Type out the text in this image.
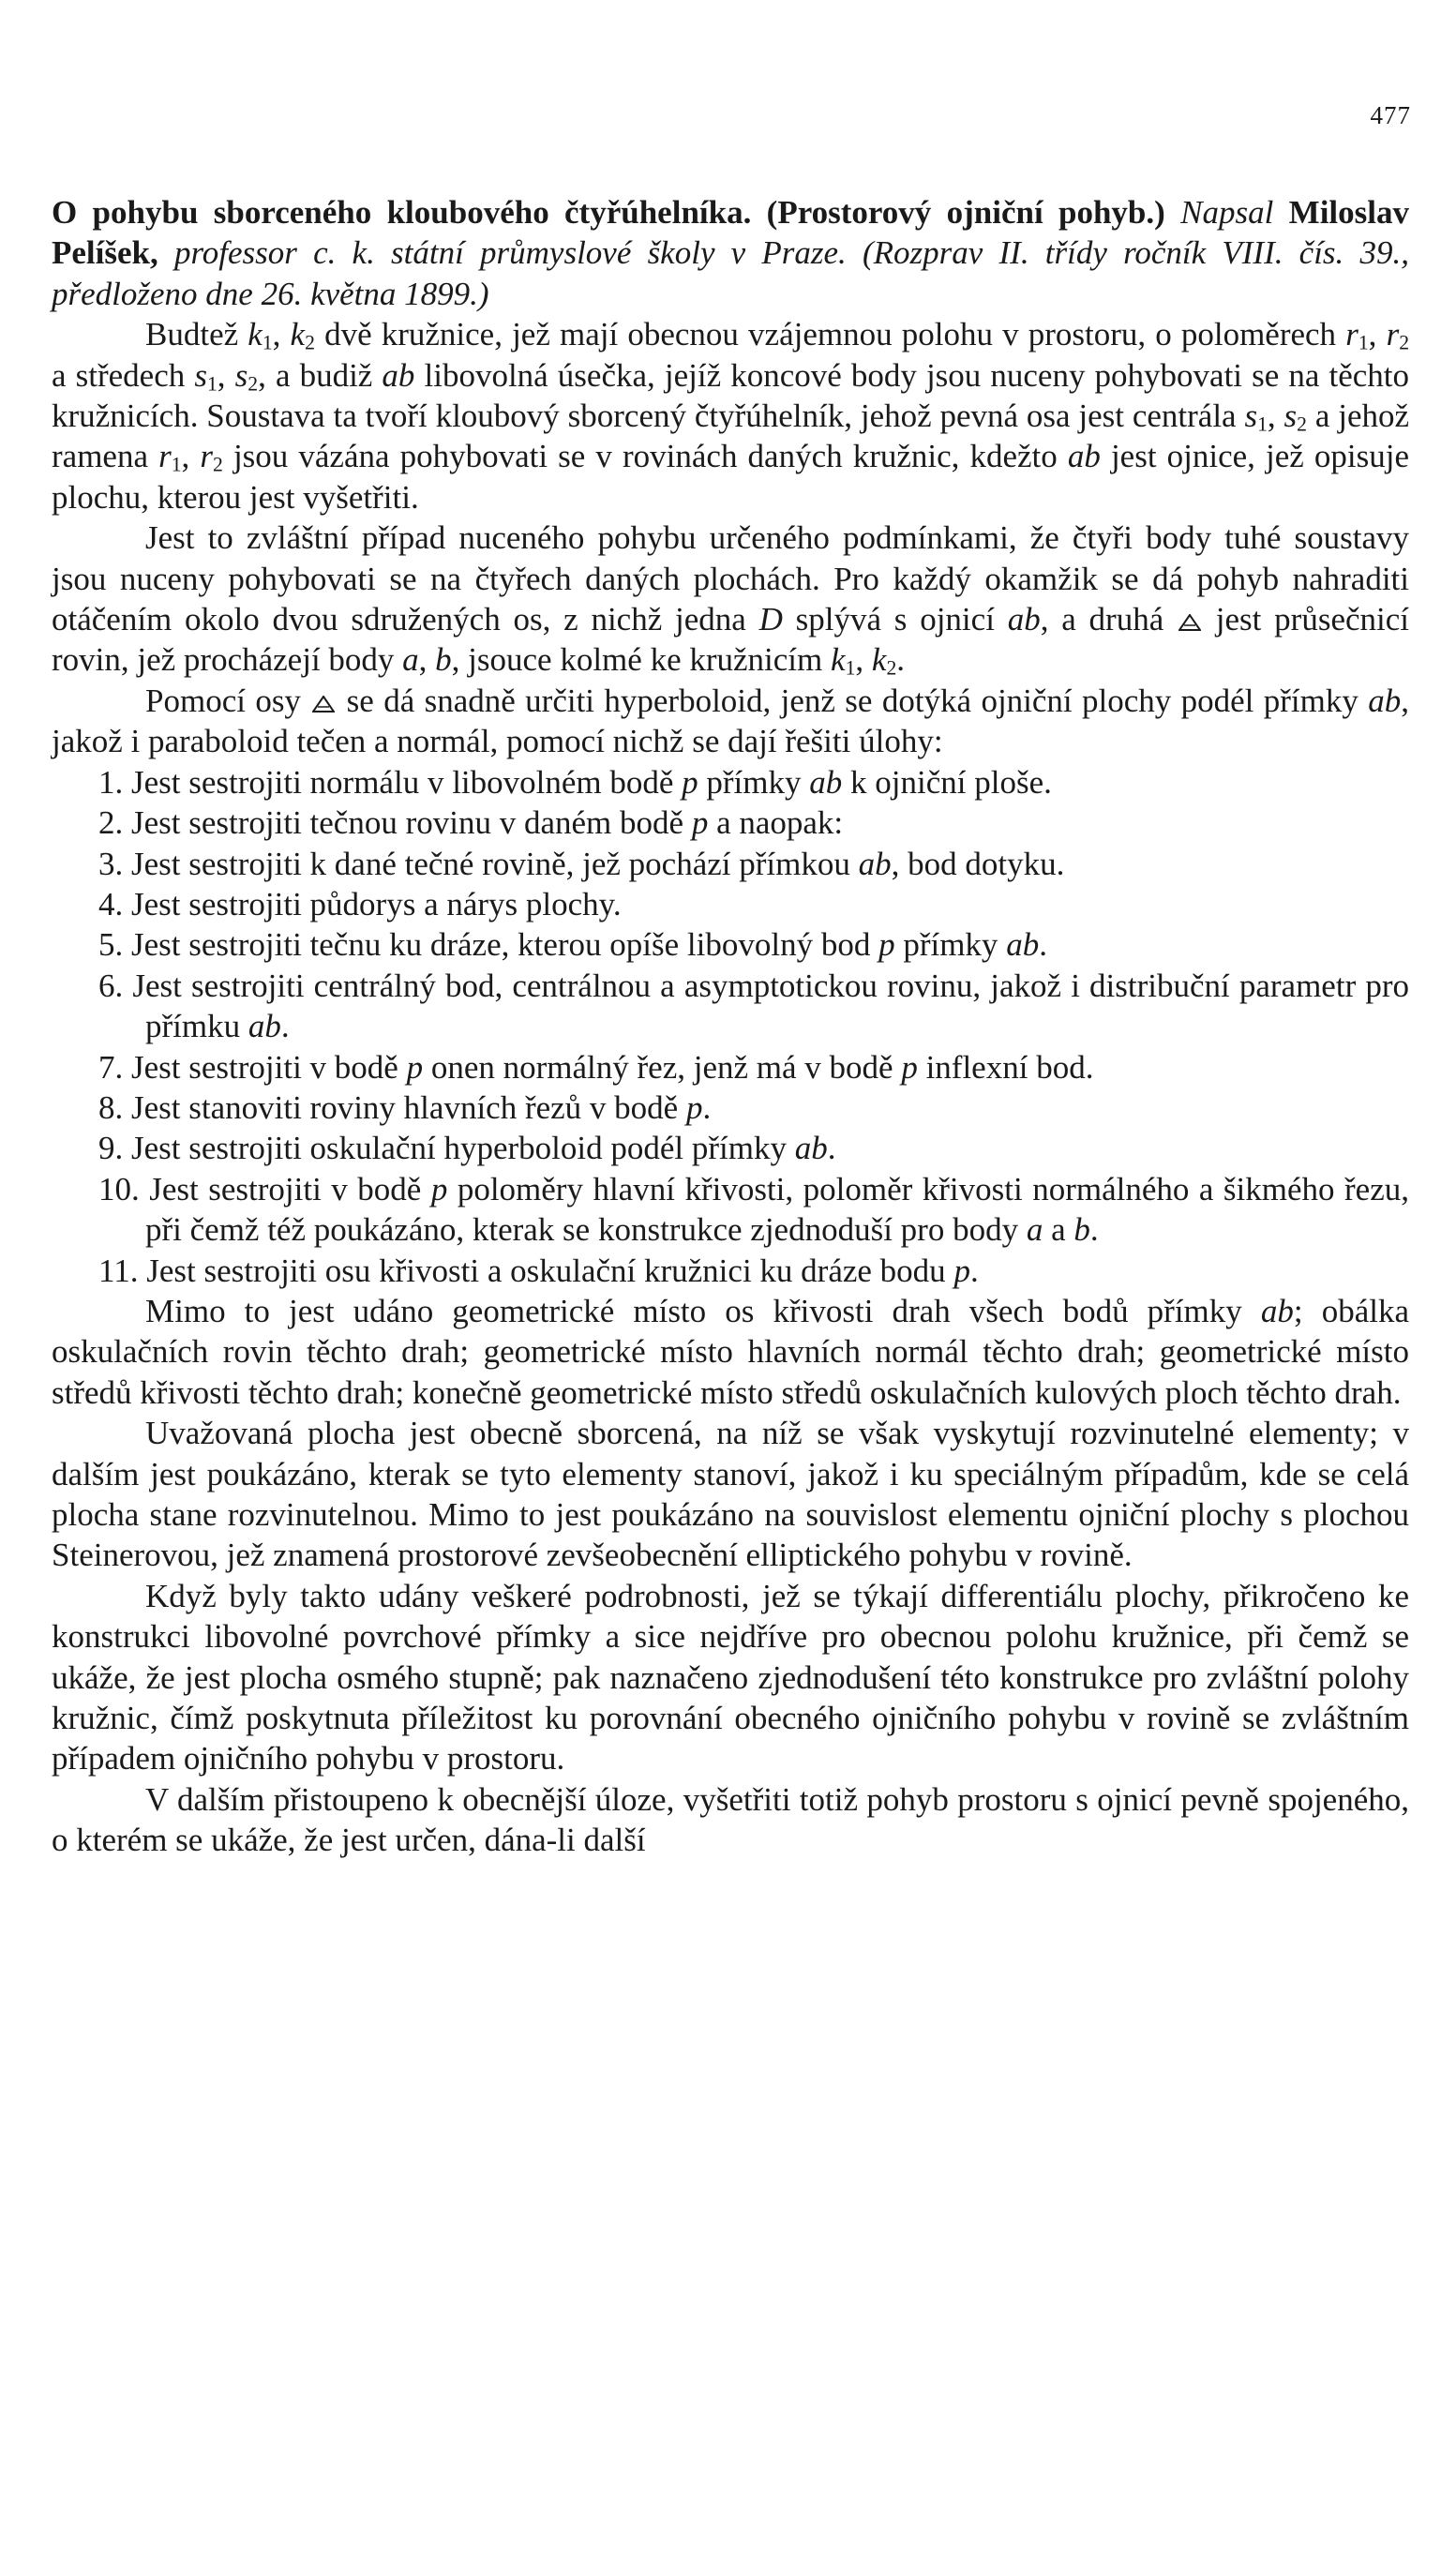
477

O pohybu sborceného kloubového čtyřúhelníka. (Prostorový ojniční pohyb.) Napsal Miloslav Pelíšek, professor c. k. státní průmyslové školy v Praze. (Rozprav II. třídy ročník VIII. čís. 39., předloženo dne 26. května 1899.)

Budtež $k_1$, $k_2$ dvě kružnice, jež mají obecnou vzájemnou polohu v prostoru, o poloměrech $r_1$, $r_2$ a středech $s_1$, $s_2$, a budiž ab libovolná úsečka, jejíž koncové body jsou nuceny pohybovati se na těchto kružnicích. Soustava ta tvoří kloubový sborcený čtyřúhelník, jehož pevná osa jest centrála $s_1$, $s_2$ a jehož ramena $r_1$, $r_2$ jsou vázána pohybovati se v rovinách daných kružnic, kdežto ab jest ojnice, jež opisuje plochu, kterou jest vyšetřiti.

Jest to zvláštní případ nuceného pohybu určeného podmínkami, že čtyři body tuhé soustavy jsou nuceny pohybovati se na čtyřech daných plochách. Pro každý okamžik se dá pohyb nahraditi otáčením okolo dvou sdružených os, z nichž jedna D splývá s ojnicí ab, a druhá
jest průsečnicí rovin, jež procházejí body a, b, jsouce kolmé ke kružnicím $k_1$, $k_2$.

Pomocí osy
se dá snadně určiti hyperboloid, jenž se dotýká ojniční plochy podél přímky ab, jakož i paraboloid tečen a normál, pomocí nichž se dají řešiti úlohy:

1. Jest sestrojiti normálu v libovolném bodě p přímky ab k ojniční ploše.

2. Jest sestrojiti tečnou rovinu v daném bodě p a naopak:

3. Jest sestrojiti k dané tečné rovině, jež pochází přímkou ab, bod dotyku.

4. Jest sestrojiti půdorys a nárys plochy.

5. Jest sestrojiti tečnu ku dráze, kterou opíše libovolný bod p přímky ab.

6. Jest sestrojiti centrálný bod, centrálnou a asymptotickou rovinu, jakož i distribuční parametr pro přímku ab.

7. Jest sestrojiti v bodě p onen normálný řez, jenž má v bodě p inflexní bod.

8. Jest stanoviti roviny hlavních řezů v bodě p.

9. Jest sestrojiti oskulační hyperboloid podél přímky ab.

10. Jest sestrojiti v bodě p poloměry hlavní křivosti, poloměr křivosti normálného a šikmého řezu, při čemž též poukázáno, kterak se konstrukce zjednoduší pro body a a b.

11. Jest sestrojiti osu křivosti a oskulační kružnici ku dráze bodu p.

Mimo to jest udáno geometrické místo os křivosti drah všech bodů přímky ab; obálka oskulačních rovin těchto drah; geometrické místo hlavních normál těchto drah; geometrické místo středů křivosti těchto drah; konečně geometrické místo středů oskulačních kulových ploch těchto drah.

Uvažovaná plocha jest obecně sborcená, na níž se však vyskytují rozvinutelné elementy; v dalším jest poukázáno, kterak se tyto elementy stanoví, jakož i ku speciálným případům, kde se celá plocha stane rozvinutelnou. Mimo to jest poukázáno na souvislost elementu ojniční plochy s plochou Steinerovou, jež znamená prostorové zevšeobecnění elliptického pohybu v rovině.

Když byly takto udány veškeré podrobnosti, jež se týkají differentiálu plochy, přikročeno ke konstrukci libovolné povrchové přímky a sice nejdříve pro obecnou polohu kružnice, při čemž se ukáže, že jest plocha osmého stupně; pak naznačeno zjednodušení této konstrukce pro zvláštní polohy kružnic, čímž poskytnuta příležitost ku porovnání obecného ojničního pohybu v rovině se zvláštním případem ojničního pohybu v prostoru.

V dalším přistoupeno k obecnější úloze, vyšetřiti totiž pohyb prostoru s ojnicí pevně spojeného, o kterém se ukáže, že jest určen, dána-li další
